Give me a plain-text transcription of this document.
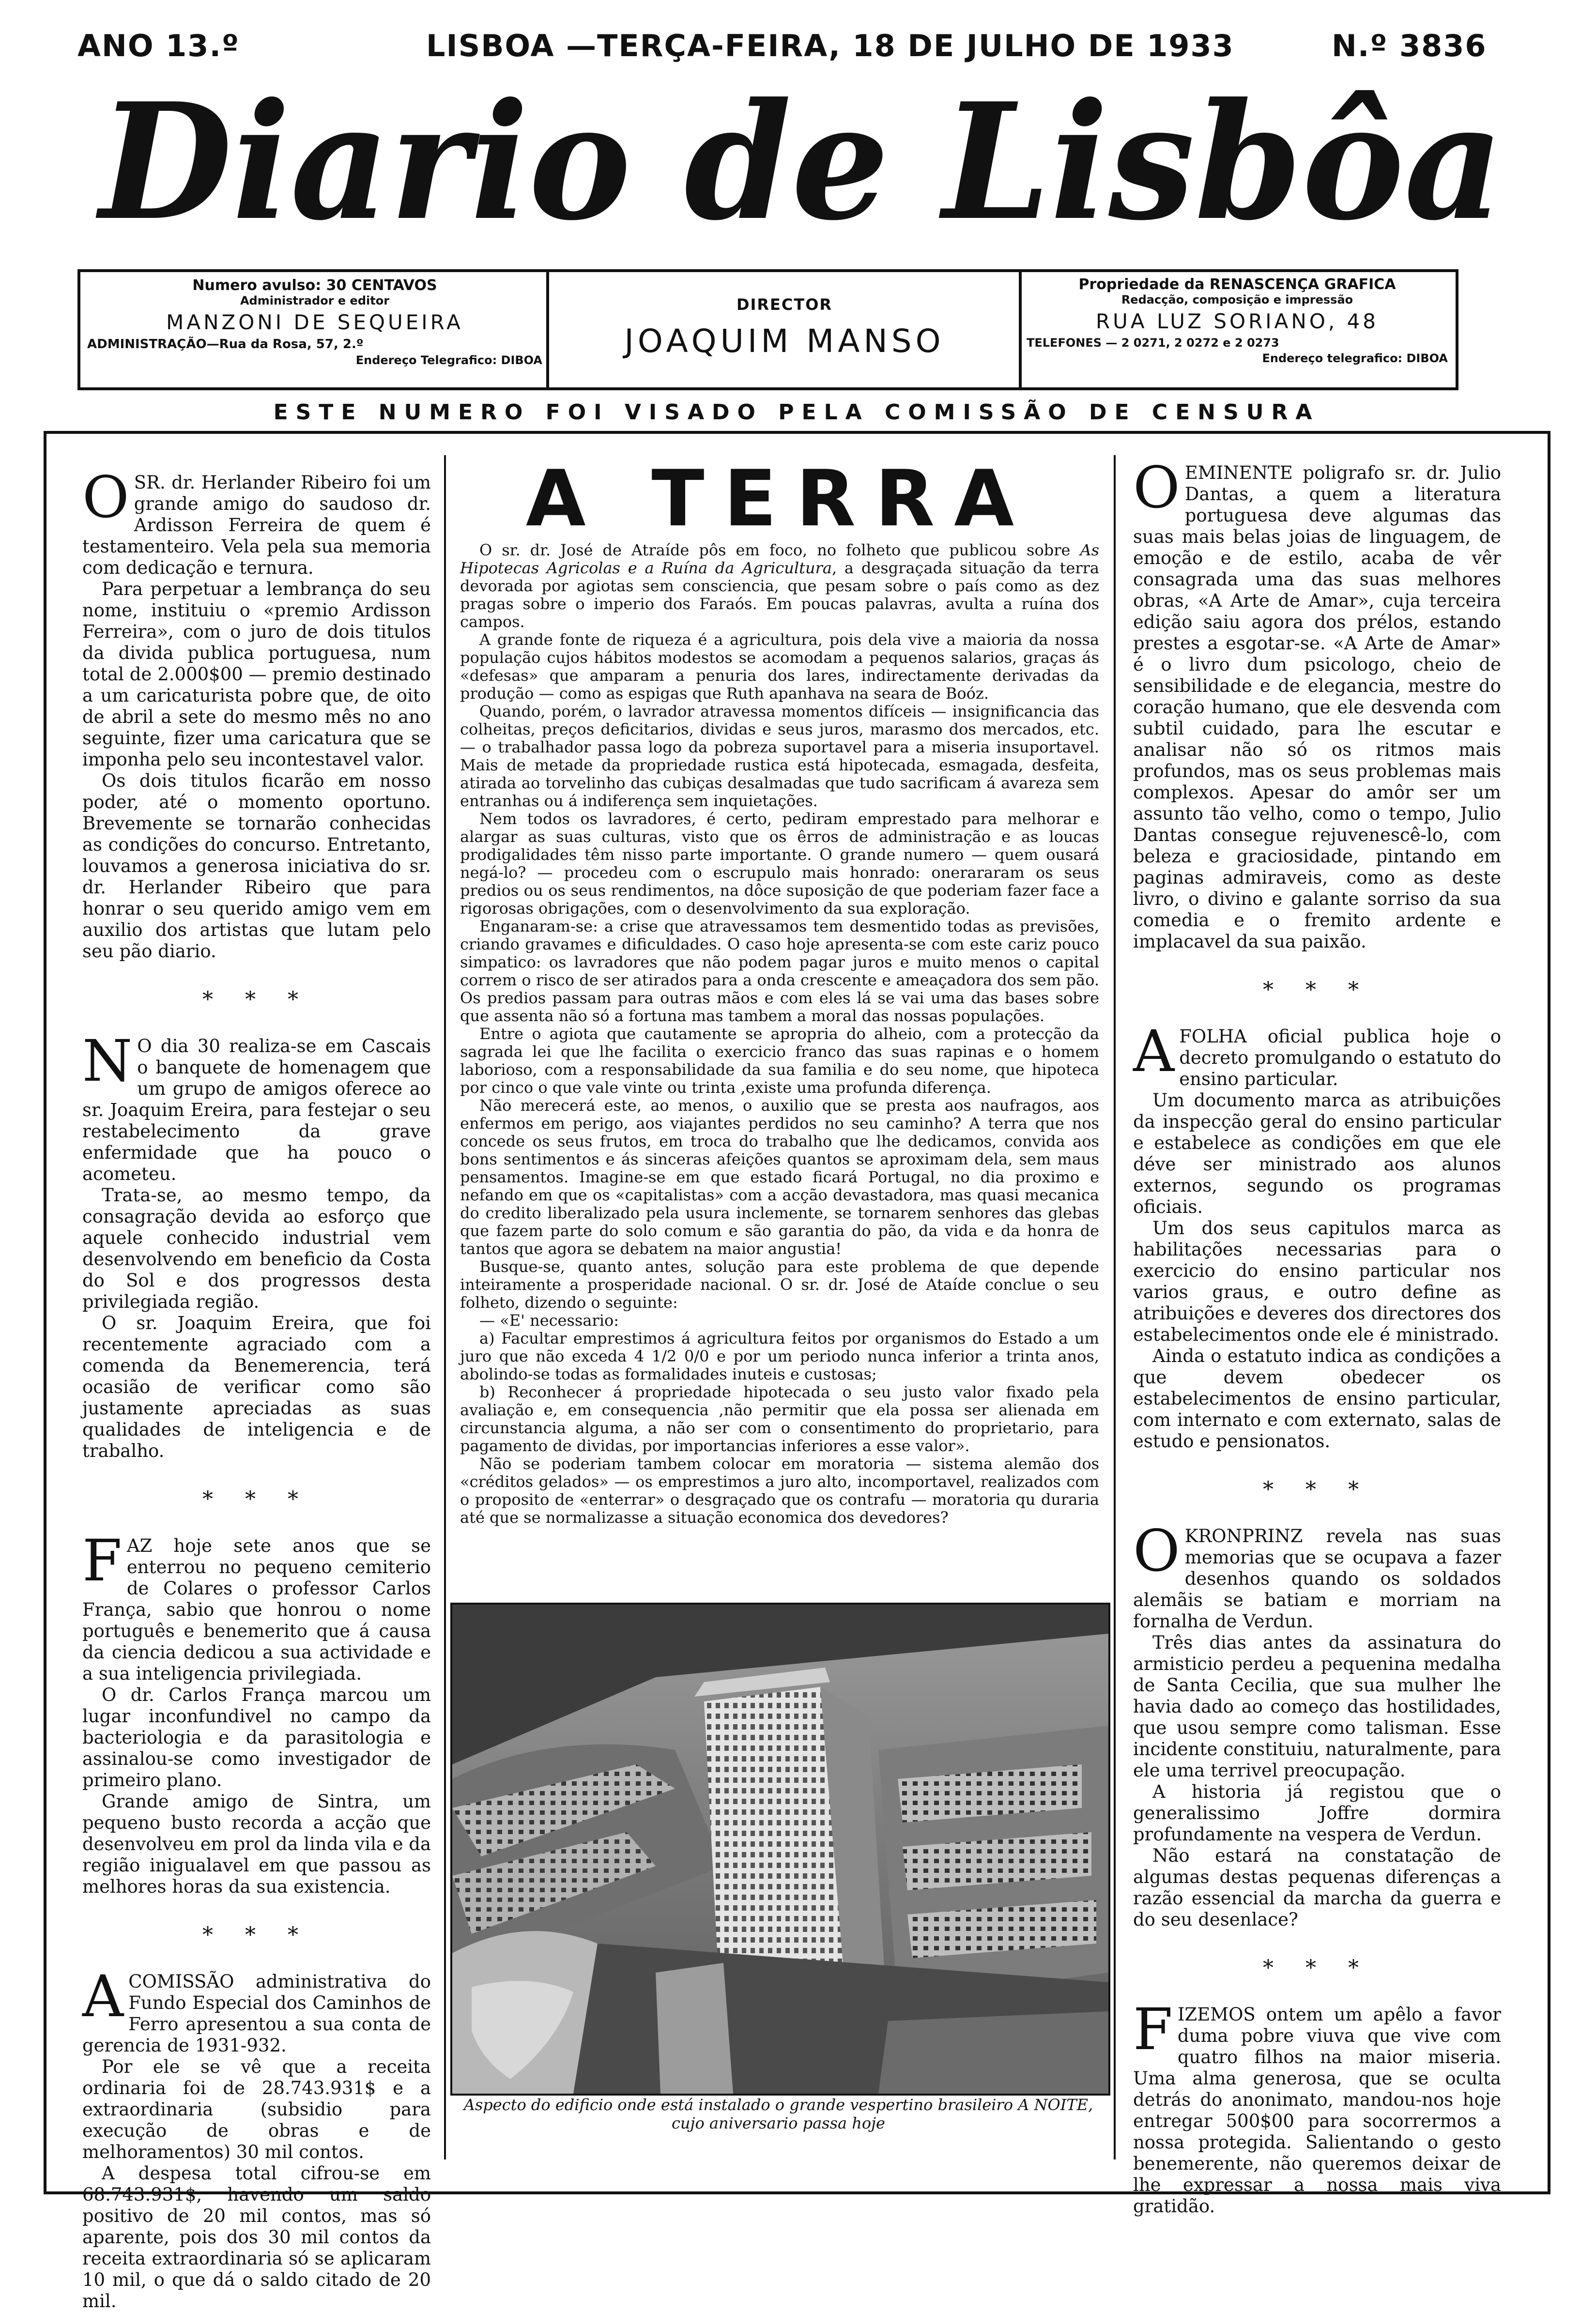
ANO 13.º	LISBOA —TERÇA-FEIRA, 18 DE JULHO DE 1933	N.º 3836
Diario de Lisbôa
Numero avulso: 30 CENTAVOS
Administrador e editor
MANZONI DE SEQUEIRA
ADMINISTRAÇÃO—Rua da Rosa, 57, 2.º
Endereço Telegrafico: DIBOA
DIRECTOR
JOAQUIM MANSO
Propriedade da RENASCENÇA GRAFICA
Redacção, composição e impressão
RUA LUZ SORIANO, 48
TELEFONES — 2 0271, 2 0272 e 2 0273
Endereço telegrafico: DIBOA
ESTE NUMERO FOI VISADO PELA COMISSÃO DE CENSURA

OSR. dr. Herlander Ribeiro foi um grande amigo do saudoso dr. Ardisson Ferreira de quem é testamenteiro. Vela pela sua memoria com dedicação e ternura.

Para perpetuar a lembrança do seu nome, instituiu o «premio Ardisson Ferreira», com o juro de dois titulos da divida publica portuguesa, num total de 2.000$00 — premio destinado a um caricaturista pobre que, de oito de abril a sete do mesmo mês no ano seguinte, fizer uma caricatura que se imponha pelo seu incontestavel valor.

Os dois titulos ficarão em nosso poder, até o momento oportuno. Brevemente se tornarão conhecidas as condições do concurso. Entretanto, louvamos a generosa iniciativa do sr. dr. Herlander Ribeiro que para honrar o seu querido amigo vem em auxilio dos artistas que lutam pelo seu pão diario.

* * *

N O dia 30 realiza-se em Cascais o banquete de homenagem que um grupo de amigos oferece ao sr. Joaquim Ereira, para festejar o seu restabelecimento da grave enfermidade que ha pouco o acometeu.

Trata-se, ao mesmo tempo, da consagração devida ao esforço que aquele conhecido industrial vem desenvolvendo em beneficio da Costa do Sol e dos progressos desta privilegiada região.

O sr. Joaquim Ereira, que foi recentemente agraciado com a comenda da Benemerencia, terá ocasião de verificar como são justamente apreciadas as suas qualidades de inteligencia e de trabalho.

* * *

FAZ hoje sete anos que se enterrou no pequeno cemiterio de Colares o professor Carlos França, sabio que honrou o nome português e benemerito que á causa da ciencia dedicou a sua actividade e a sua inteligencia privilegiada.

O dr. Carlos França marcou um lugar inconfundivel no campo da bacteriologia e da parasitologia e assinalou-se como investigador de primeiro plano.

Grande amigo de Sintra, um pequeno busto recorda a acção que desenvolveu em prol da linda vila e da região inigualavel em que passou as melhores horas da sua existencia.

* * *

ACOMISSÃO administrativa do Fundo Especial dos Caminhos de Ferro apresentou a sua conta de gerencia de 1931-932.

Por ele se vê que a receita ordinaria foi de 28.743.931$ e a extraordinaria (subsidio para execução de obras e de melhoramentos) 30 mil contos.

A despesa total cifrou-se em 68.743.931$, havendo um saldo positivo de 20 mil contos, mas só aparente, pois dos 30 mil contos da receita extraordinaria só se aplicaram 10 mil, o que dá o saldo citado de 20 mil.

A TERRA

O sr. dr. José de Atraíde pôs em foco, no folheto que publicou sobre As Hipotecas Agricolas e a Ruína da Agricultura, a desgraçada situação da terra devorada por agiotas sem consciencia, que pesam sobre o país como as dez pragas sobre o imperio dos Faraós. Em poucas palavras, avulta a ruína dos campos.

A grande fonte de riqueza é a agricultura, pois dela vive a maioria da nossa população cujos hábitos modestos se acomodam a pequenos salarios, graças ás «defesas» que amparam a penuria dos lares, indirectamente derivadas da produção — como as espigas que Ruth apanhava na seara de Boóz.

Quando, porém, o lavrador atravessa momentos difíceis — insignificancia das colheitas, preços deficitarios, dividas e seus juros, marasmo dos mercados, etc. — o trabalhador passa logo da pobreza suportavel para a miseria insuportavel. Mais de metade da propriedade rustica está hipotecada, esmagada, desfeita, atirada ao torvelinho das cubiças desalmadas que tudo sacrificam á avareza sem entranhas ou á indiferença sem inquietações.

Nem todos os lavradores, é certo, pediram emprestado para melhorar e alargar as suas culturas, visto que os êrros de administração e as loucas prodigalidades têm nisso parte importante. O grande numero — quem ousará negá-lo? — procedeu com o escrupulo mais honrado: onerararam os seus predios ou os seus rendimentos, na dôce suposição de que poderiam fazer face a rigorosas obrigações, com o desenvolvimento da sua exploração.

Enganaram-se: a crise que atravessamos tem desmentido todas as previsões, criando gravames e dificuldades. O caso hoje apresenta-se com este cariz pouco simpatico: os lavradores que não podem pagar juros e muito menos o capital correm o risco de ser atirados para a onda crescente e ameaçadora dos sem pão. Os predios passam para outras mãos e com eles lá se vai uma das bases sobre que assenta não só a fortuna mas tambem a moral das nossas populações.

Entre o agiota que cautamente se apropria do alheio, com a protecção da sagrada lei que lhe facilita o exercicio franco das suas rapinas e o homem laborioso, com a responsabilidade da sua familia e do seu nome, que hipoteca por cinco o que vale vinte ou trinta ,existe uma profunda diferença.

Não merecerá este, ao menos, o auxilio que se presta aos naufragos, aos enfermos em perigo, aos viajantes perdidos no seu caminho? A terra que nos concede os seus frutos, em troca do trabalho que lhe dedicamos, convida aos bons sentimentos e ás sinceras afeições quantos se aproximam dela, sem maus pensamentos. Imagine-se em que estado ficará Portugal, no dia proximo e nefando em que os «capitalistas» com a acção devastadora, mas quasi mecanica do credito liberalizado pela usura inclemente, se tornarem senhores das glebas que fazem parte do solo comum e são garantia do pão, da vida e da honra de tantos que agora se debatem na maior angustia!

Busque-se, quanto antes, solução para este problema de que depende inteiramente a prosperidade nacional. O sr. dr. José de Ataíde conclue o seu folheto, dizendo o seguinte:

— «E' necessario:

a) Facultar emprestimos á agricultura feitos por organismos do Estado a um juro que não exceda 4 1/2 0/0 e por um periodo nunca inferior a trinta anos, abolindo-se todas as formalidades inuteis e custosas;

b) Reconhecer á propriedade hipotecada o seu justo valor fixado pela avaliação e, em consequencia ,não permitir que ela possa ser alienada em circunstancia alguma, a não ser com o consentimento do proprietario, para pagamento de dividas, por importancias inferiores a esse valor».

Não se poderiam tambem colocar em moratoria — sistema alemão dos «créditos gelados» — os emprestimos a juro alto, incomportavel, realizados com o proposito de «enterrar» o desgraçado que os contrafu — moratoria qu duraria até que se normalizasse a situação economica dos devedores?

Aspecto do edificio onde está instalado o grande vespertino brasileiro A NOITE,
cujo aniversario passa hoje

OEMINENTE poligrafo sr. dr. Julio Dantas, a quem a literatura portuguesa deve algumas das suas mais belas joias de linguagem, de emoção e de estilo, acaba de vêr consagrada uma das suas melhores obras, «A Arte de Amar», cuja terceira edição saiu agora dos prélos, estando prestes a esgotar-se. «A Arte de Amar» é o livro dum psicologo, cheio de sensibilidade e de elegancia, mestre do coração humano, que ele desvenda com subtil cuidado, para lhe escutar e analisar não só os ritmos mais profundos, mas os seus problemas mais complexos. Apesar do amôr ser um assunto tão velho, como o tempo, Julio Dantas consegue rejuvenescê-lo, com beleza e graciosidade, pintando em paginas admiraveis, como as deste livro, o divino e galante sorriso da sua comedia e o fremito ardente e implacavel da sua paixão.

* * *

AFOLHA oficial publica hoje o decreto promulgando o estatuto do ensino particular.

Um documento marca as atribuições da inspecção geral do ensino particular e estabelece as condições em que ele déve ser ministrado aos alunos externos, segundo os programas oficiais.

Um dos seus capitulos marca as habilitações necessarias para o exercicio do ensino particular nos varios graus, e outro define as atribuições e deveres dos directores dos estabelecimentos onde ele é ministrado.

Ainda o estatuto indica as condições a que devem obedecer os estabelecimentos de ensino particular, com internato e com externato, salas de estudo e pensionatos.

* * *

OKRONPRINZ revela nas suas memorias que se ocupava a fazer desenhos quando os soldados alemãis se batiam e morriam na fornalha de Verdun.

Três dias antes da assinatura do armisticio perdeu a pequenina medalha de Santa Cecilia, que sua mulher lhe havia dado ao começo das hostilidades, que usou sempre como talisman. Esse incidente constituiu, naturalmente, para ele uma terrivel preocupação.

A historia já registou que o generalissimo Joffre dormira profundamente na vespera de Verdun.

Não estará na constatação de algumas destas pequenas diferenças a razão essencial da marcha da guerra e do seu desenlace?

* * *

FIZEMOS ontem um apêlo a favor duma pobre viuva que vive com quatro filhos na maior miseria. Uma alma generosa, que se oculta detrás do anonimato, mandou-nos hoje entregar 500$00 para socorrermos a nossa protegida. Salientando o gesto benemerente, não queremos deixar de lhe expressar a nossa mais viva gratidão.
